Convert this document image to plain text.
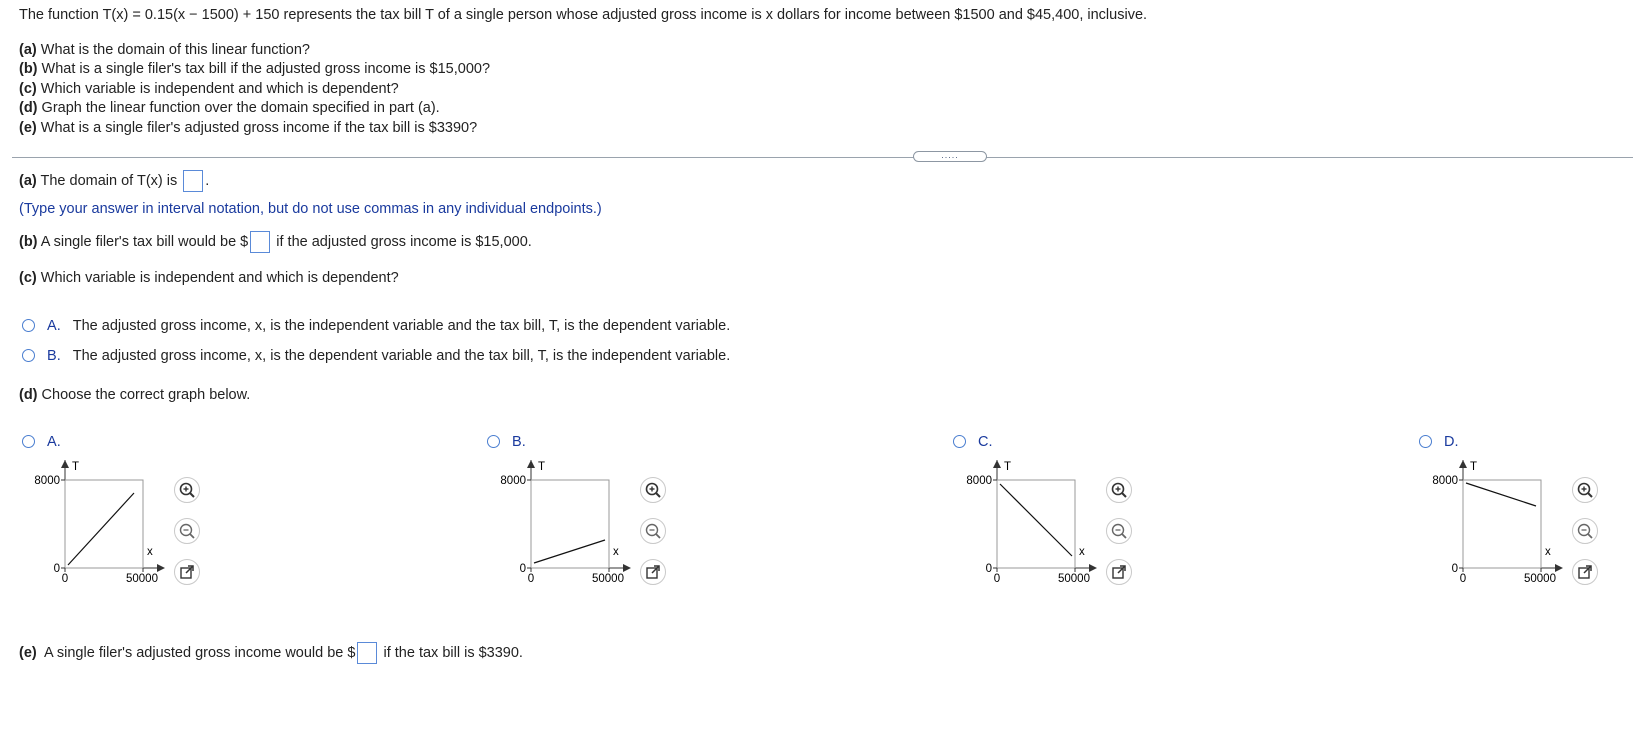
The function T(x) = 0.15(x − 1500) + 150 represents the tax bill T of a single person whose adjusted gross income is x dollars for income between $1500 and $45,400, inclusive.
(a) What is the domain of this linear function?
(b) What is a single filer's tax bill if the adjusted gross income is $15,000?
(c) Which variable is independent and which is dependent?
(d) Graph the linear function over the domain specified in part (a).
(e) What is a single filer's adjusted gross income if the tax bill is $3390?
.....
(a) The domain of T(x) is .
(Type your answer in interval notation, but do not use commas in any individual endpoints.)
(b) A single filer's tax bill would be $ if the adjusted gross income is $15,000.
(c) Which variable is independent and which is dependent?
A. The adjusted gross income, x, is the independent variable and the tax bill, T, is the dependent variable.
B. The adjusted gross income, x, is the dependent variable and the tax bill, T, is the independent variable.
(d) Choose the correct graph below.
A.
T
8000
0
0	50000
x
B.
T
8000
0
0	50000
x
C.
T
8000
0
0	50000
x
D.
T
8000
0
0	50000
x
(e) A single filer's adjusted gross income would be $ if the tax bill is $3390.
